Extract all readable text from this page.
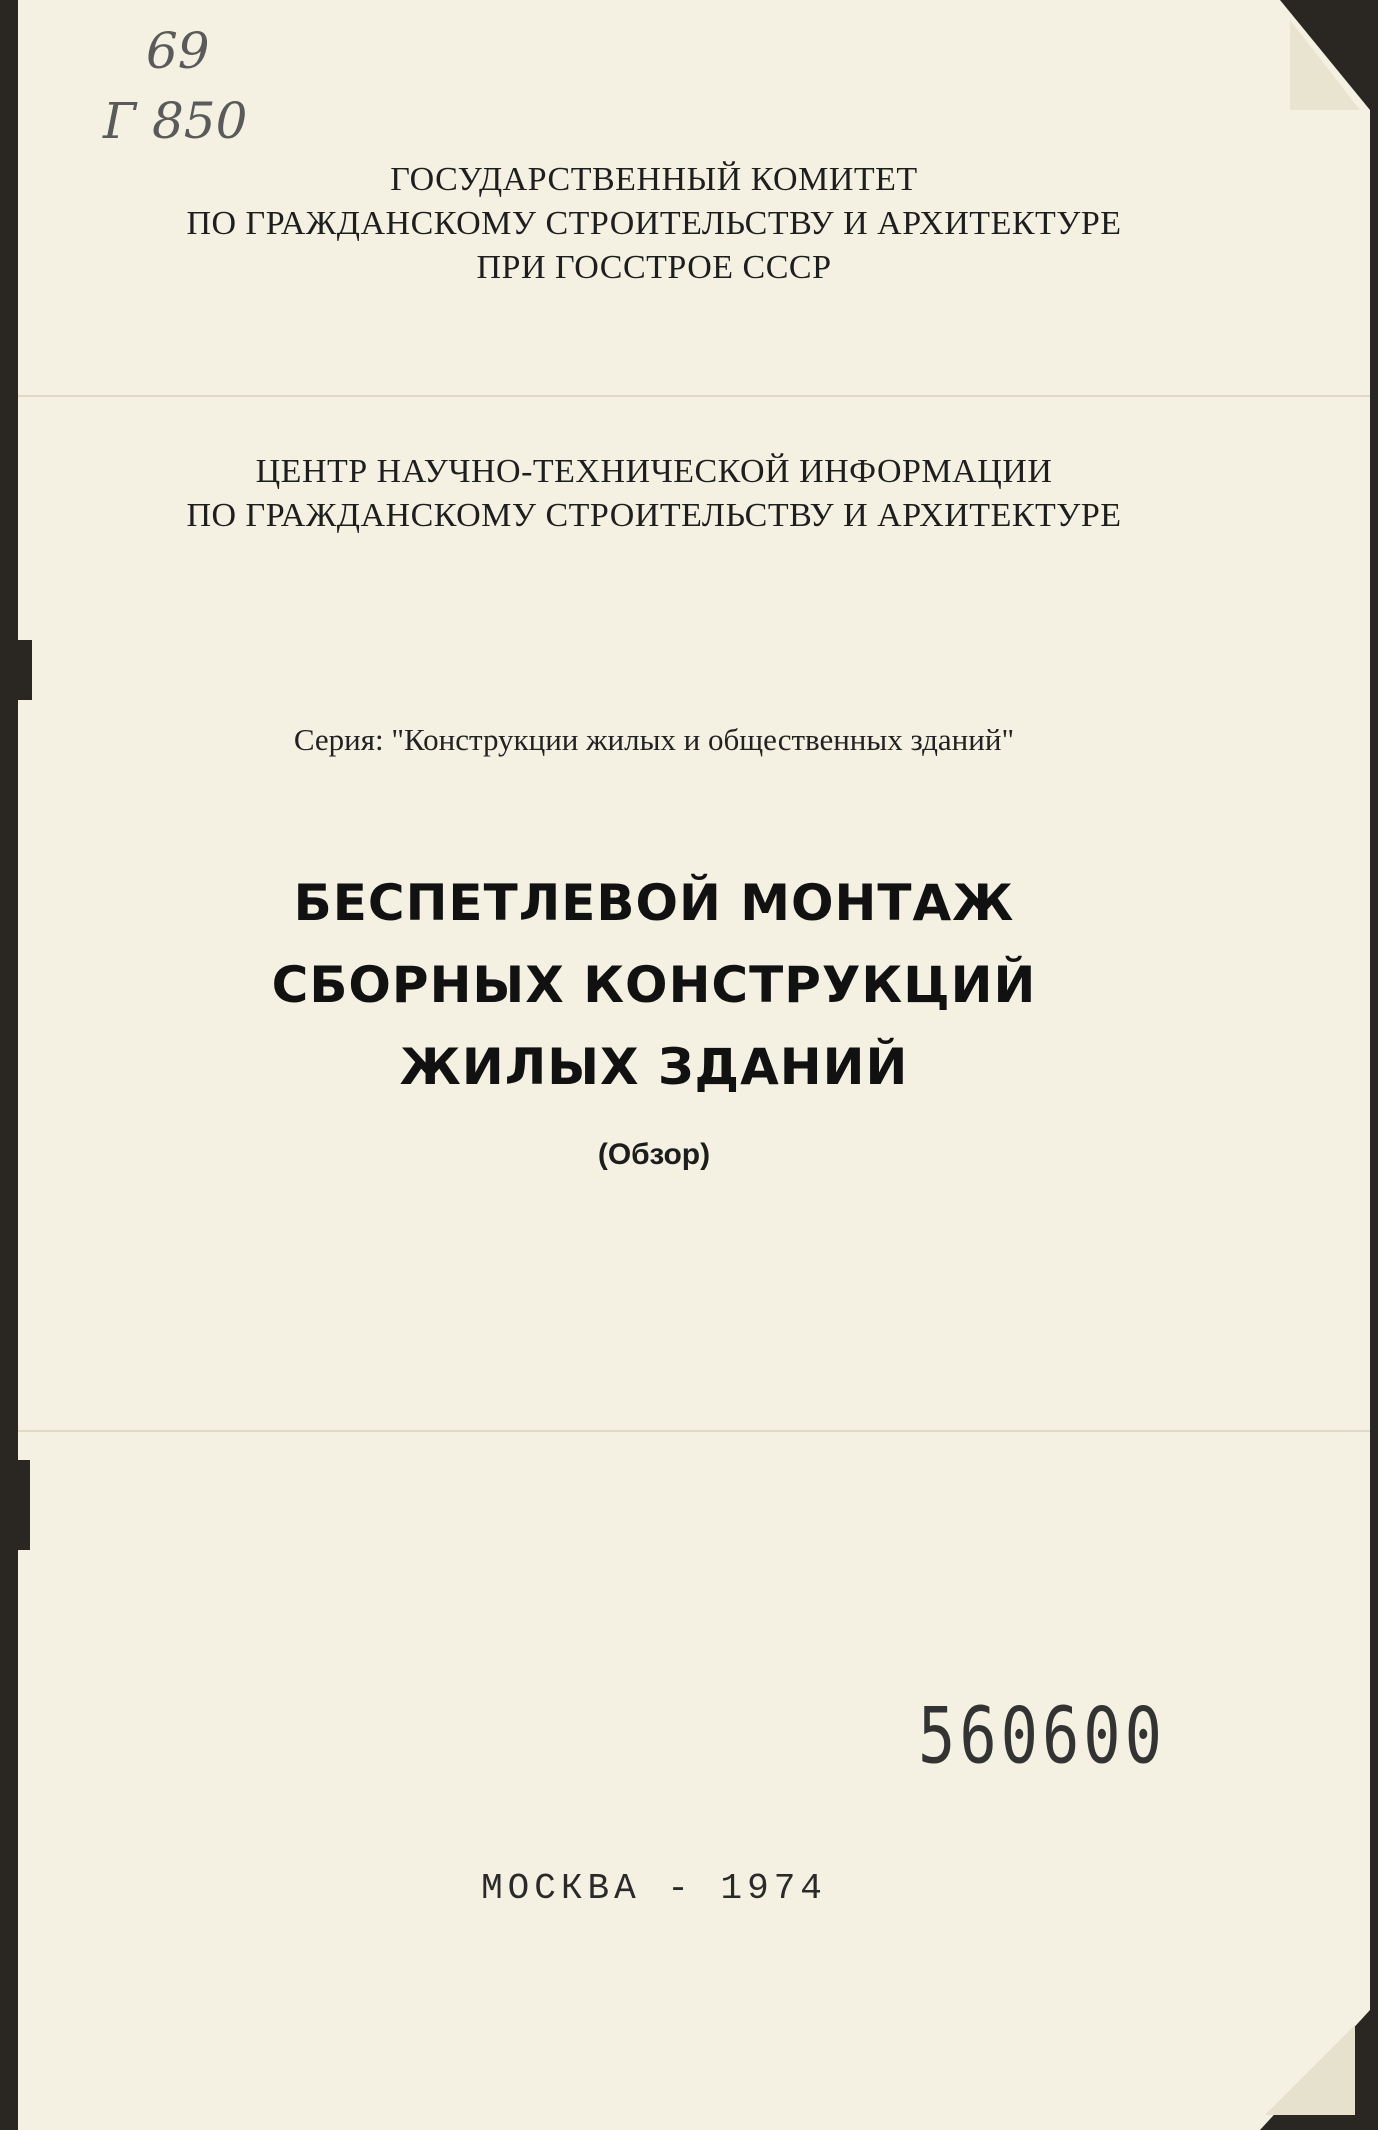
69
Г 850
ГОСУДАРСТВЕННЫЙ КОМИТЕТ
ПО ГРАЖДАНСКОМУ СТРОИТЕЛЬСТВУ И АРХИТЕКТУРЕ
ПРИ ГОССТРОЕ СССР
ЦЕНТР НАУЧНО-ТЕХНИЧЕСКОЙ ИНФОРМАЦИИ
ПО ГРАЖДАНСКОМУ СТРОИТЕЛЬСТВУ И АРХИТЕКТУРЕ
Серия: "Конструкции жилых и общественных зданий"
БЕСПЕТЛЕВОЙ МОНТАЖ
СБОРНЫХ КОНСТРУКЦИЙ
ЖИЛЫХ ЗДАНИЙ
(Обзор)
560600
МОСКВА - 1974
